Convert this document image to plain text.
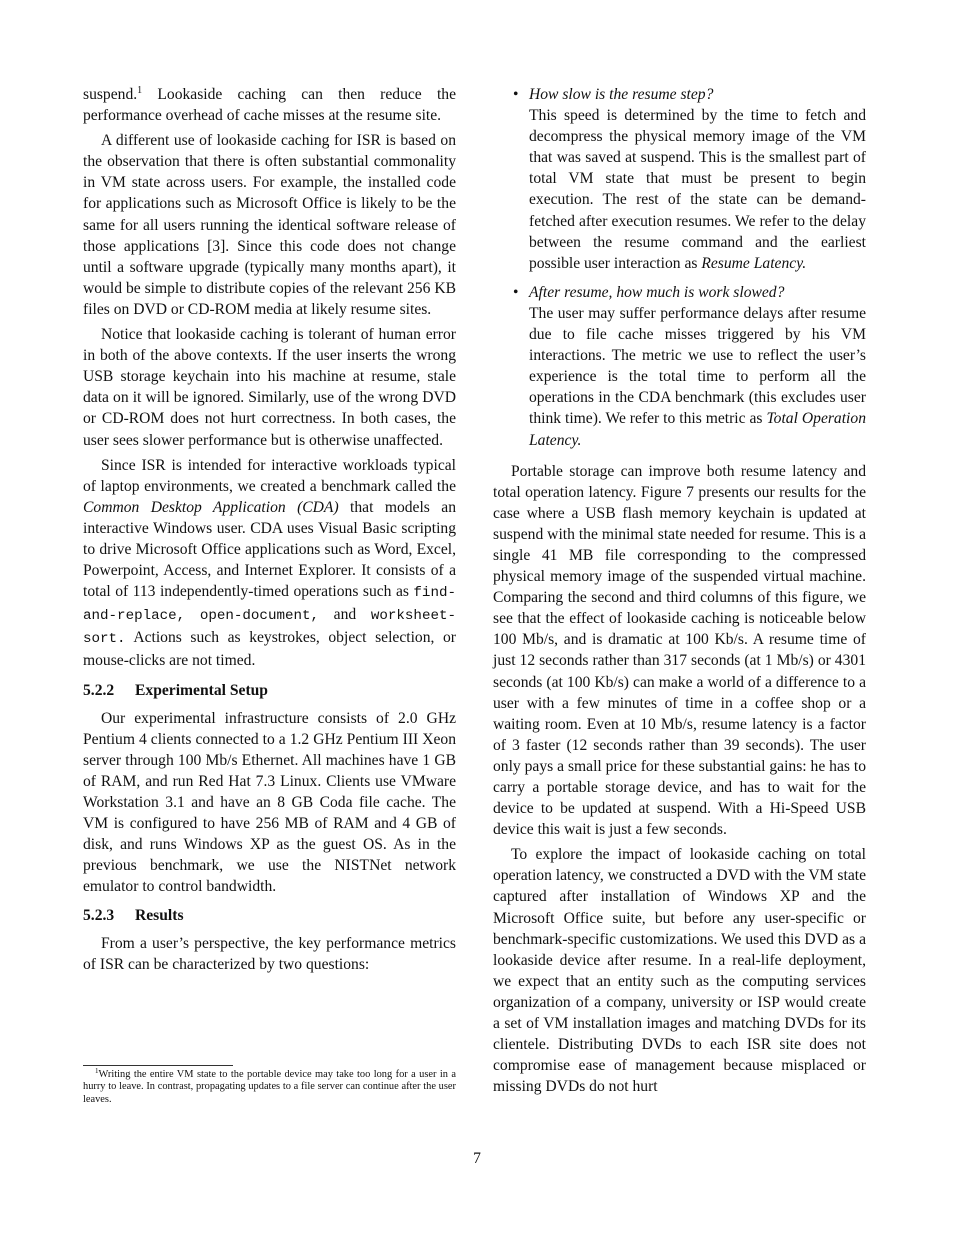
suspend.$^1$ Lookaside caching can then reduce the performance overhead of cache misses at the resume site.

A different use of lookaside caching for ISR is based on the observation that there is often substantial commonality in VM state across users. For example, the installed code for applications such as Microsoft Office is likely to be the same for all users running the identical software release of those applications [3]. Since this code does not change until a software upgrade (typically many months apart), it would be simple to distribute copies of the relevant 256 KB files on DVD or CD-ROM media at likely resume sites.

Notice that lookaside caching is tolerant of human error in both of the above contexts. If the user inserts the wrong USB storage keychain into his machine at resume, stale data on it will be ignored. Similarly, use of the wrong DVD or CD-ROM does not hurt correctness. In both cases, the user sees slower performance but is otherwise unaffected.

Since ISR is intended for interactive workloads typical of laptop environments, we created a benchmark called the Common Desktop Application (CDA) that models an interactive Windows user. CDA uses Visual Basic scripting to drive Microsoft Office applications such as Word, Excel, Powerpoint, Access, and Internet Explorer. It consists of a total of 113 independently-timed operations such as find-and-replace, open-document, and worksheet-sort. Actions such as keystrokes, object selection, or mouse-clicks are not timed.

5.2.2 Experimental Setup

Our experimental infrastructure consists of 2.0 GHz Pentium 4 clients connected to a 1.2 GHz Pentium III Xeon server through 100 Mb/s Ethernet. All machines have 1 GB of RAM, and run Red Hat 7.3 Linux. Clients use VMware Workstation 3.1 and have an 8 GB Coda file cache. The VM is configured to have 256 MB of RAM and 4 GB of disk, and runs Windows XP as the guest OS. As in the previous benchmark, we use the NISTNet network emulator to control bandwidth.

5.2.3 Results

From a user’s perspective, the key performance metrics of ISR can be characterized by two questions:

$^1$Writing the entire VM state to the portable device may take too long for a user in a hurry to leave. In contrast, propagating updates to a file server can continue after the user leaves.
• How slow is the resume step?
This speed is determined by the time to fetch and decompress the physical memory image of the VM that was saved at suspend. This is the smallest part of total VM state that must be present to begin execution. The rest of the state can be demand-fetched after execution resumes. We refer to the delay between the resume command and the earliest possible user interaction as Resume Latency.
• After resume, how much is work slowed?
The user may suffer performance delays after resume due to file cache misses triggered by his VM interactions. The metric we use to reflect the user’s experience is the total time to perform all the operations in the CDA benchmark (this excludes user think time). We refer to this metric as Total Operation Latency.

Portable storage can improve both resume latency and total operation latency. Figure 7 presents our results for the case where a USB flash memory keychain is updated at suspend with the minimal state needed for resume. This is a single 41 MB file corresponding to the compressed physical memory image of the suspended virtual machine. Comparing the second and third columns of this figure, we see that the effect of lookaside caching is noticeable below 100 Mb/s, and is dramatic at 100 Kb/s. A resume time of just 12 seconds rather than 317 seconds (at 1 Mb/s) or 4301 seconds (at 100 Kb/s) can make a world of a difference to a user with a few minutes of time in a coffee shop or a waiting room. Even at 10 Mb/s, resume latency is a factor of 3 faster (12 seconds rather than 39 seconds). The user only pays a small price for these substantial gains: he has to carry a portable storage device, and has to wait for the device to be updated at suspend. With a Hi-Speed USB device this wait is just a few seconds.

To explore the impact of lookaside caching on total operation latency, we constructed a DVD with the VM state captured after installation of Windows XP and the Microsoft Office suite, but before any user-specific or benchmark-specific customizations. We used this DVD as a lookaside device after resume. In a real-life deployment, we expect that an entity such as the computing services organization of a company, university or ISP would create a set of VM installation images and matching DVDs for its clientele. Distributing DVDs to each ISR site does not compromise ease of management because misplaced or missing DVDs do not hurt

7
